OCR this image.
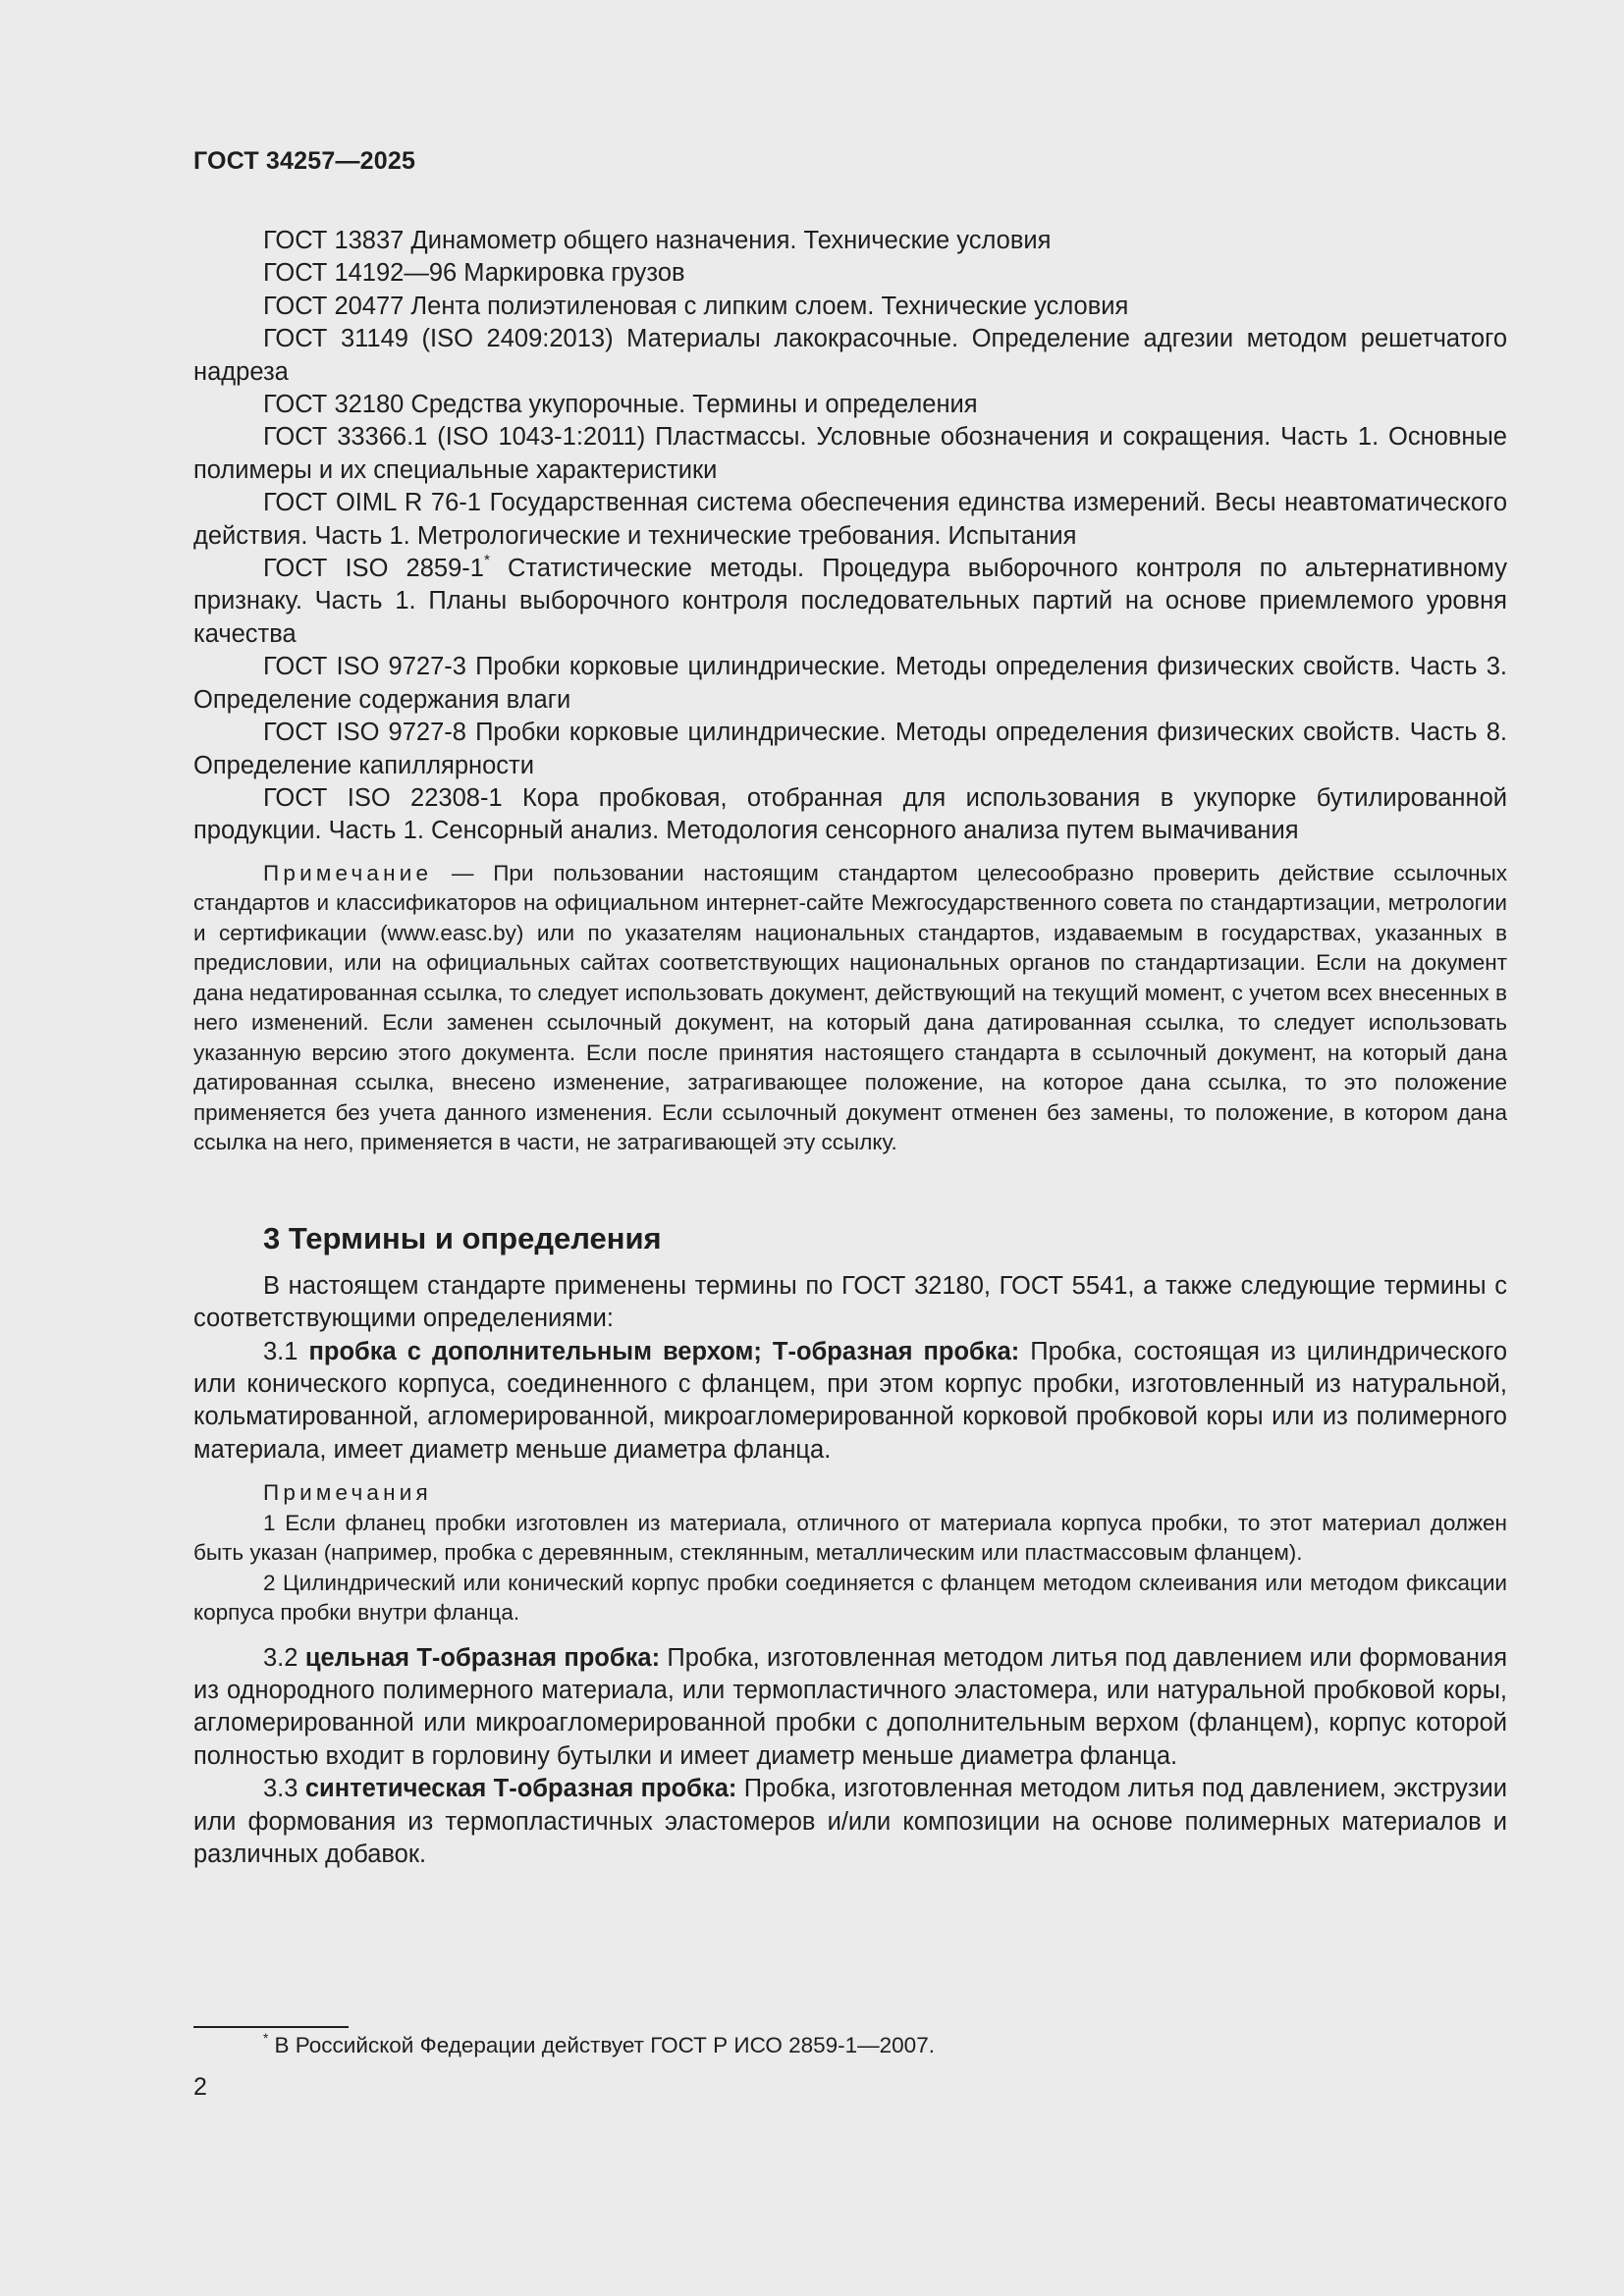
ГОСТ 34257—2025

ГОСТ 13837 Динамометр общего назначения. Технические условия

ГОСТ 14192—96 Маркировка грузов

ГОСТ 20477 Лента полиэтиленовая с липким слоем. Технические условия

ГОСТ 31149 (ISO 2409:2013) Материалы лакокрасочные. Определение адгезии методом решетчатого надреза

ГОСТ 32180 Средства укупорочные. Термины и определения

ГОСТ 33366.1 (ISO 1043-1:2011) Пластмассы. Условные обозначения и сокращения. Часть 1. Основные полимеры и их специальные характеристики

ГОСТ OIML R 76-1 Государственная система обеспечения единства измерений. Весы неавтоматического действия. Часть 1. Метрологические и технические требования. Испытания

ГОСТ ISO 2859-1* Статистические методы. Процедура выборочного контроля по альтернативному признаку. Часть 1. Планы выборочного контроля последовательных партий на основе приемлемого уровня качества

ГОСТ ISO 9727-3 Пробки корковые цилиндрические. Методы определения физических свойств. Часть 3. Определение содержания влаги

ГОСТ ISO 9727-8 Пробки корковые цилиндрические. Методы определения физических свойств. Часть 8. Определение капиллярности

ГОСТ ISO 22308-1 Кора пробковая, отобранная для использования в укупорке бутилированной продукции. Часть 1. Сенсорный анализ. Методология сенсорного анализа путем вымачивания

Примечание — При пользовании настоящим стандартом целесообразно проверить действие ссылочных стандартов и классификаторов на официальном интернет-сайте Межгосударственного совета по стандартизации, метрологии и сертификации (www.easc.by) или по указателям национальных стандартов, издаваемым в государствах, указанных в предисловии, или на официальных сайтах соответствующих национальных органов по стандартизации. Если на документ дана недатированная ссылка, то следует использовать документ, действующий на текущий момент, с учетом всех внесенных в него изменений. Если заменен ссылочный документ, на который дана датированная ссылка, то следует использовать указанную версию этого документа. Если после принятия настоящего стандарта в ссылочный документ, на который дана датированная ссылка, внесено изменение, затрагивающее положение, на которое дана ссылка, то это положение применяется без учета данного изменения. Если ссылочный документ отменен без замены, то положение, в котором дана ссылка на него, применяется в части, не затрагивающей эту ссылку.

3 Термины и определения

В настоящем стандарте применены термины по ГОСТ 32180, ГОСТ 5541, а также следующие термины с соответствующими определениями:

3.1 пробка с дополнительным верхом; Т-образная пробка: Пробка, состоящая из цилиндрического или конического корпуса, соединенного с фланцем, при этом корпус пробки, изготовленный из натуральной, кольматированной, агломерированной, микроагломерированной корковой пробковой коры или из полимерного материала, имеет диаметр меньше диаметра фланца.

Примечания

1 Если фланец пробки изготовлен из материала, отличного от материала корпуса пробки, то этот материал должен быть указан (например, пробка с деревянным, стеклянным, металлическим или пластмассовым фланцем).

2 Цилиндрический или конический корпус пробки соединяется с фланцем методом склеивания или методом фиксации корпуса пробки внутри фланца.

3.2 цельная Т-образная пробка: Пробка, изготовленная методом литья под давлением или формования из однородного полимерного материала, или термопластичного эластомера, или натуральной пробковой коры, агломерированной или микроагломерированной пробки с дополнительным верхом (фланцем), корпус которой полностью входит в горловину бутылки и имеет диаметр меньше диаметра фланца.

3.3 синтетическая Т-образная пробка: Пробка, изготовленная методом литья под давлением, экструзии или формования из термопластичных эластомеров и/или композиции на основе полимерных материалов и различных добавок.

* В Российской Федерации действует ГОСТ Р ИСО 2859-1—2007.
2
